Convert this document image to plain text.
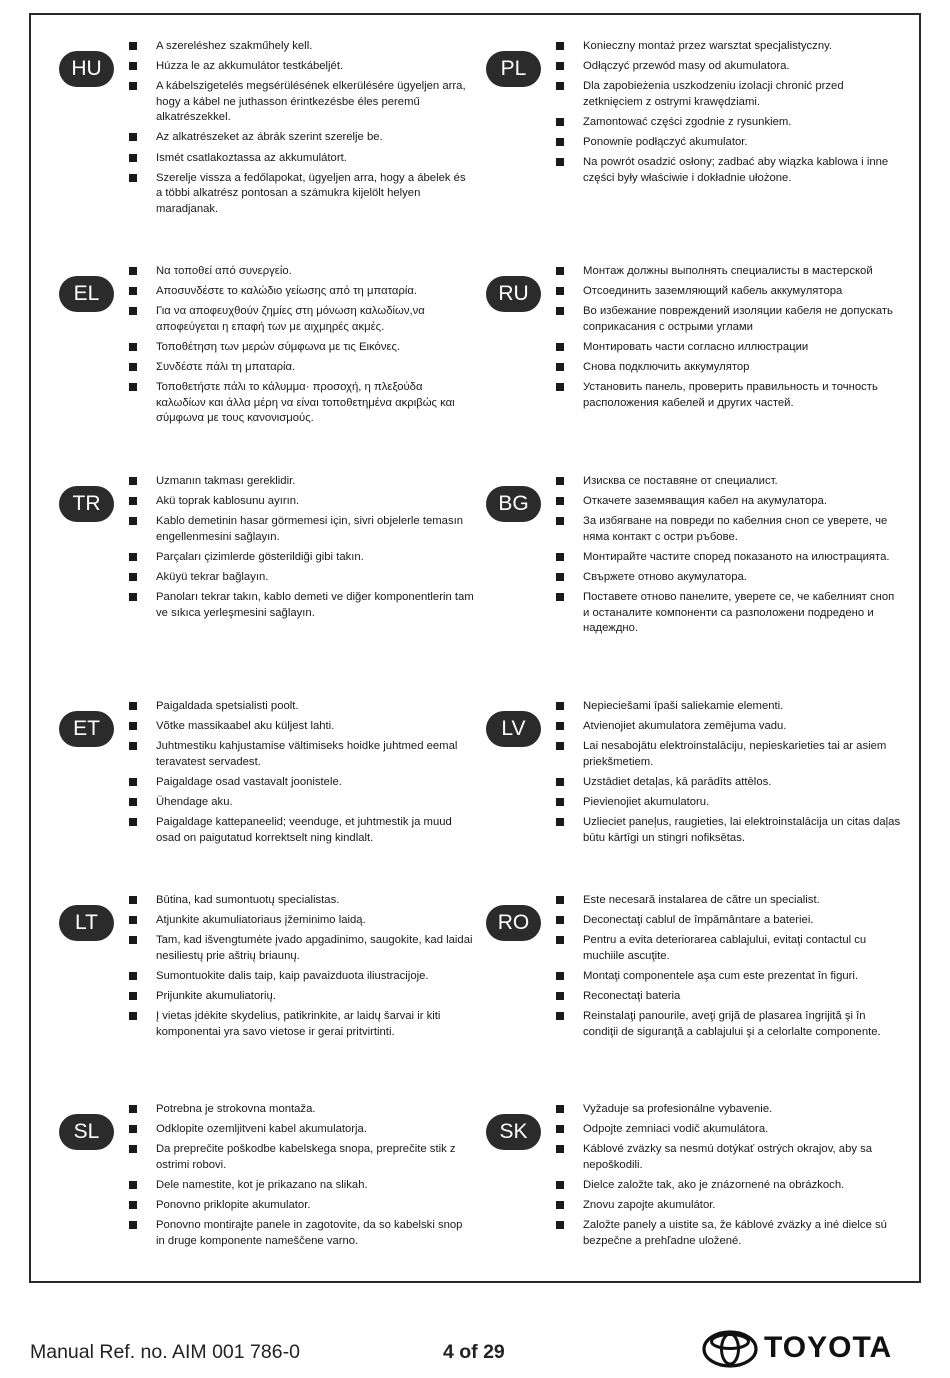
HU
A szereléshez szakműhely kell.
Húzza le az akkumulátor testkábeljét.
A kábelszigetelés megsérülésének elkerülésére ügyeljen arra, hogy a kábel ne juthasson érintkezésbe éles peremű alkatrészekkel.
Az alkatrészeket az ábrák szerint szerelje be.
Ismét csatlakoztassa az akkumulátort.
Szerelje vissza a fedőlapokat, ügyeljen arra, hogy a ábelek és a többi alkatrész pontosan a számukra kijelölt helyen maradjanak.
PL
Konieczny montaż przez warsztat specjalistyczny.
Odłączyć przewód masy od akumulatora.
Dla zapobieżenia uszkodzeniu izolacji chronić przed zetknięciem z ostrymi krawędziami.
Zamontować części zgodnie z rysunkiem.
Ponownie podłączyć akumulator.
Na powrót osadzić osłony; zadbać aby wiązka kablowa i inne części były właściwie i dokładnie ułożone.
EL
Να τοποθεί από συνεργείο.
Αποσυνδέστε το καλώδιο γείωσης από τη μπαταρία.
Για να αποφευχθούν ζημίες στη μόνωση καλωδίων,να αποφεύγεται η επαφή των με αιχμηρές ακμές.
Τοποθέτηση των μερών σύμφωνα με τις Εικόνες.
Συνδέστε πάλι τη μπαταρία.
Τοποθετήστε πάλι το κάλυμμα· προσοχή, η πλεξούδα καλωδίων και άλλα μέρη να είναι τοποθετημένα ακριβώς και σύμφωνα με τους κανονισμούς.
RU
Монтаж должны выполнять специалисты в мастерской
Отсоединить заземляющий кабель аккумулятора
Во избежание повреждений изоляции кабеля не допускать соприкасания с острыми углами
Монтировать части согласно иллюстрации
Снова подключить аккумулятор
Установить панель, проверить правильность и точность расположения кабелей и других частей.
TR
Uzmanın takması gereklidir.
Akü toprak kablosunu ayırın.
Kablo demetinin hasar görmemesi için, sivri objelerle temasın engellenmesini sağlayın.
Parçaları çizimlerde gösterildiği gibi takın.
Aküyü tekrar bağlayın.
Panoları tekrar takın, kablo demeti ve diğer komponentlerin tam ve sıkıca yerleşmesini sağlayın.
BG
Изисква се поставяне от специалист.
Откачете заземяващия кабел на акумулатора.
За избягване на повреди по кабелния сноп се уверете, че няма контакт с остри ръбове.
Монтирайте частите според показаното на илюстрацията.
Свържете отново акумулатора.
Поставете отново панелите, уверете се, че кабелният сноп и останалите компоненти са разположени подредено и надеждно.
ET
Paigaldada spetsialisti poolt.
Võtke massikaabel aku küljest lahti.
Juhtmestiku kahjustamise vältimiseks hoidke juhtmed eemal teravatest servadest.
Paigaldage osad vastavalt joonistele.
Ühendage aku.
Paigaldage kattepaneelid; veenduge, et juhtmestik ja muud osad on paigutatud korrektselt ning kindlalt.
LV
Nepieciešami īpaši saliekamie elementi.
Atvienojiet akumulatora zemējuma vadu.
Lai nesabojātu elektroinstalāciju, nepieskarieties tai ar asiem priekšmetiem.
Uzstādiet detaļas, kā parādīts attēlos.
Pievienojiet akumulatoru.
Uzlieciet paneļus, raugieties, lai elektroinstalācija un citas daļas būtu kārtīgi un stingri nofiksētas.
LT
Būtina, kad sumontuotų specialistas.
Atjunkite akumuliatoriaus įžeminimo laidą.
Tam, kad išvengtumėte įvado apgadinimo, saugokite, kad laidai nesiliestų prie aštrių briaunų.
Sumontuokite dalis taip, kaip pavaizduota iliustracijoje.
Prijunkite akumuliatorių.
Į vietas įdėkite skydelius, patikrinkite, ar laidų šarvai ir kiti komponentai yra savo vietose ir gerai pritvirtinti.
RO
Este necesară instalarea de către un specialist.
Deconectaţi cablul de împământare a bateriei.
Pentru a evita deteriorarea cablajului, evitaţi contactul cu muchiile ascuţite.
Montaţi componentele aşa cum este prezentat în figuri.
Reconectaţi bateria
Reinstalaţi panourile, aveţi grijă de plasarea îngrijită şi în condiţii de siguranţă a cablajului şi a celorlalte componente.
SL
Potrebna je strokovna montaža.
Odklopite ozemljitveni kabel akumulatorja.
Da preprečite poškodbe kabelskega snopa, preprečite stik z ostrimi robovi.
Dele namestite, kot je prikazano na slikah.
Ponovno priklopite akumulator.
Ponovno montirajte panele in zagotovite, da so kabelski snop in druge komponente nameščene varno.
SK
Vyžaduje sa profesionálne vybavenie.
Odpojte zemniaci vodič akumulátora.
Káblové zväzky sa nesmú dotýkať ostrých okrajov, aby sa nepoškodili.
Dielce založte tak, ako je znázornené na obrázkoch.
Znovu zapojte akumulátor.
Založte panely a uistite sa, že káblové zväzky a iné dielce sú bezpečne a prehľadne uložené.
Manual Ref. no. AIM 001 786-0	4 of 29	TOYOTA
